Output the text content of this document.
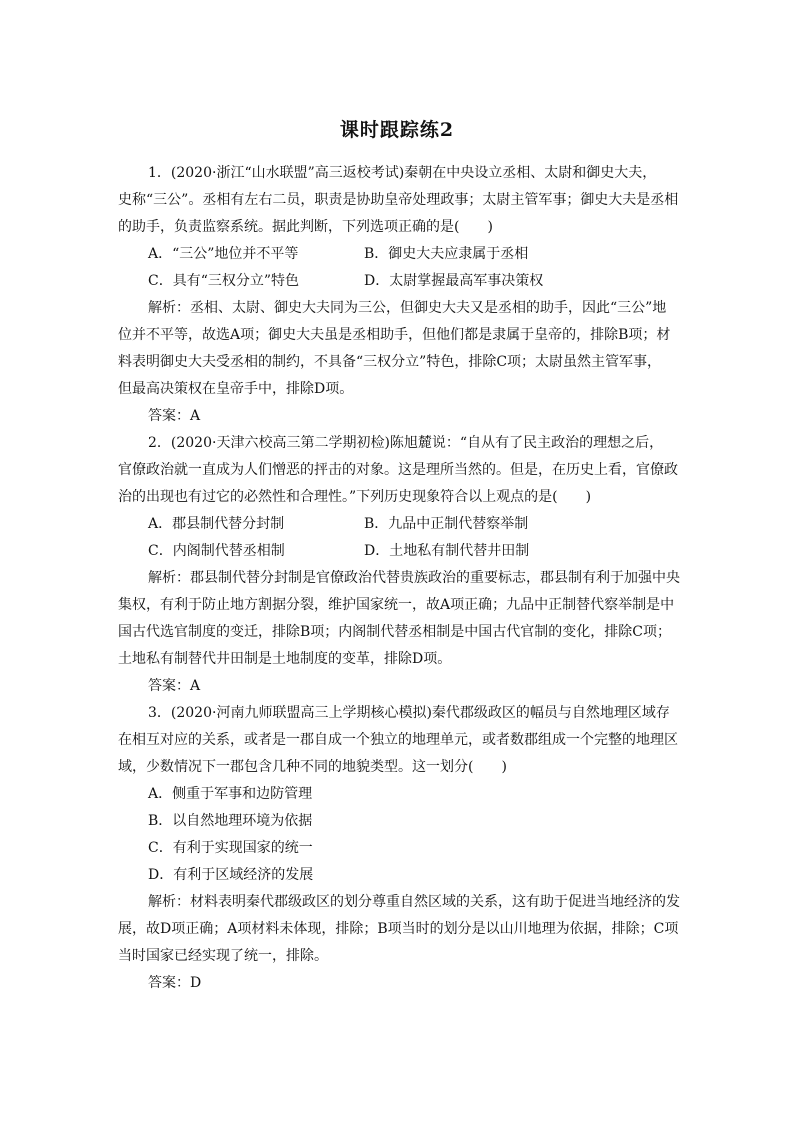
课时跟踪练2
1．(2020·浙江“山水联盟”高三返校考试)秦朝在中央设立丞相、太尉和御史大夫，
史称“三公”。丞相有左右二员，职责是协助皇帝处理政事；太尉主管军事；御史大夫是丞相
的助手，负责监察系统。据此判断，下列选项正确的是(　　)
A．“三公”地位并不平等	B．御史大夫应隶属于丞相
C．具有“三权分立”特色	D．太尉掌握最高军事决策权
解析：丞相、太尉、御史大夫同为三公，但御史大夫又是丞相的助手，因此“三公”地
位并不平等，故选A项；御史大夫虽是丞相助手，但他们都是隶属于皇帝的，排除B项；材
料表明御史大夫受丞相的制约，不具备“三权分立”特色，排除C项；太尉虽然主管军事，
但最高决策权在皇帝手中，排除D项。
答案：A
2．(2020·天津六校高三第二学期初检)陈旭麓说：“自从有了民主政治的理想之后，
官僚政治就一直成为人们憎恶的抨击的对象。这是理所当然的。但是，在历史上看，官僚政
治的出现也有过它的必然性和合理性。”下列历史现象符合以上观点的是(　　)
A．郡县制代替分封制	B．九品中正制代替察举制
C．内阁制代替丞相制	D．土地私有制代替井田制
解析：郡县制代替分封制是官僚政治代替贵族政治的重要标志，郡县制有利于加强中央
集权，有利于防止地方割据分裂，维护国家统一，故A项正确；九品中正制替代察举制是中
国古代选官制度的变迁，排除B项；内阁制代替丞相制是中国古代官制的变化，排除C项；
土地私有制替代井田制是土地制度的变革，排除D项。
答案：A
3．(2020·河南九师联盟高三上学期核心模拟)秦代郡级政区的幅员与自然地理区域存
在相互对应的关系，或者是一郡自成一个独立的地理单元，或者数郡组成一个完整的地理区
域，少数情况下一郡包含几种不同的地貌类型。这一划分(　　)
A．侧重于军事和边防管理
B．以自然地理环境为依据
C．有利于实现国家的统一
D．有利于区域经济的发展
解析：材料表明秦代郡级政区的划分尊重自然区域的关系，这有助于促进当地经济的发
展，故D项正确；A项材料未体现，排除；B项当时的划分是以山川地理为依据，排除；C项
当时国家已经实现了统一，排除。
答案：D
